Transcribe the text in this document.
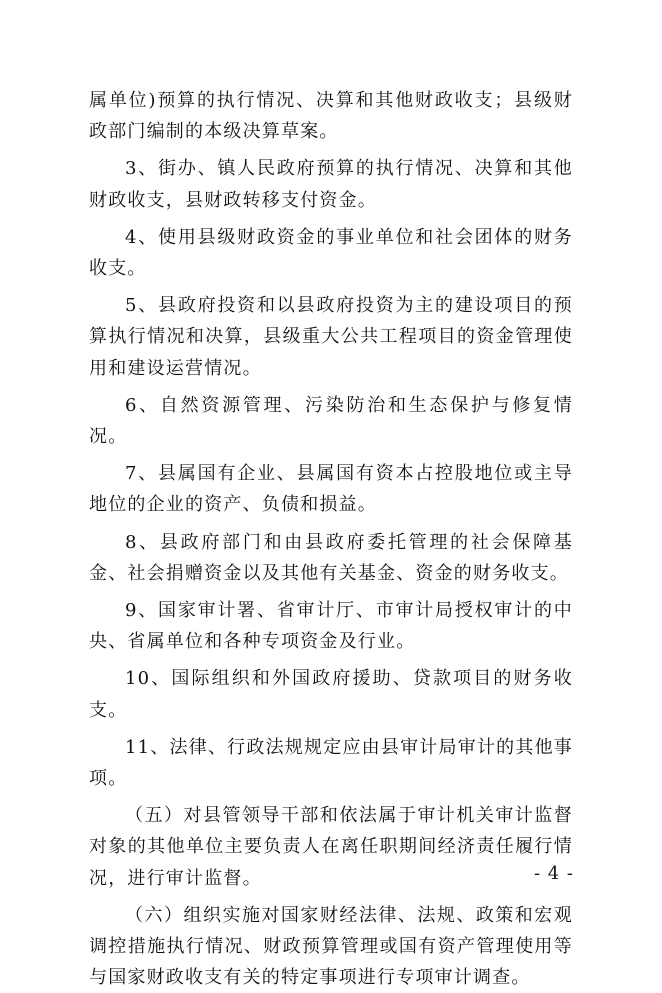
属单位)预算的执行情况、决算和其他财政收支；县级财政部门编制的本级决算草案。

3、街办、镇人民政府预算的执行情况、决算和其他财政收支，县财政转移支付资金。

4、使用县级财政资金的事业单位和社会团体的财务收支。

5、县政府投资和以县政府投资为主的建设项目的预算执行情况和决算，县级重大公共工程项目的资金管理使用和建设运营情况。

6、自然资源管理、污染防治和生态保护与修复情况。

7、县属国有企业、县属国有资本占控股地位或主导地位的企业的资产、负债和损益。

8、县政府部门和由县政府委托管理的社会保障基金、社会捐赠资金以及其他有关基金、资金的财务收支。

9、国家审计署、省审计厅、市审计局授权审计的中央、省属单位和各种专项资金及行业。

10、国际组织和外国政府援助、贷款项目的财务收支。

11、法律、行政法规规定应由县审计局审计的其他事项。

（五）对县管领导干部和依法属于审计机关审计监督对象的其他单位主要负责人在离任职期间经济责任履行情况，进行审计监督。

（六）组织实施对国家财经法律、法规、政策和宏观调控措施执行情况、财政预算管理或国有资产管理使用等与国家财政收支有关的特定事项进行专项审计调查。

- 4 -
